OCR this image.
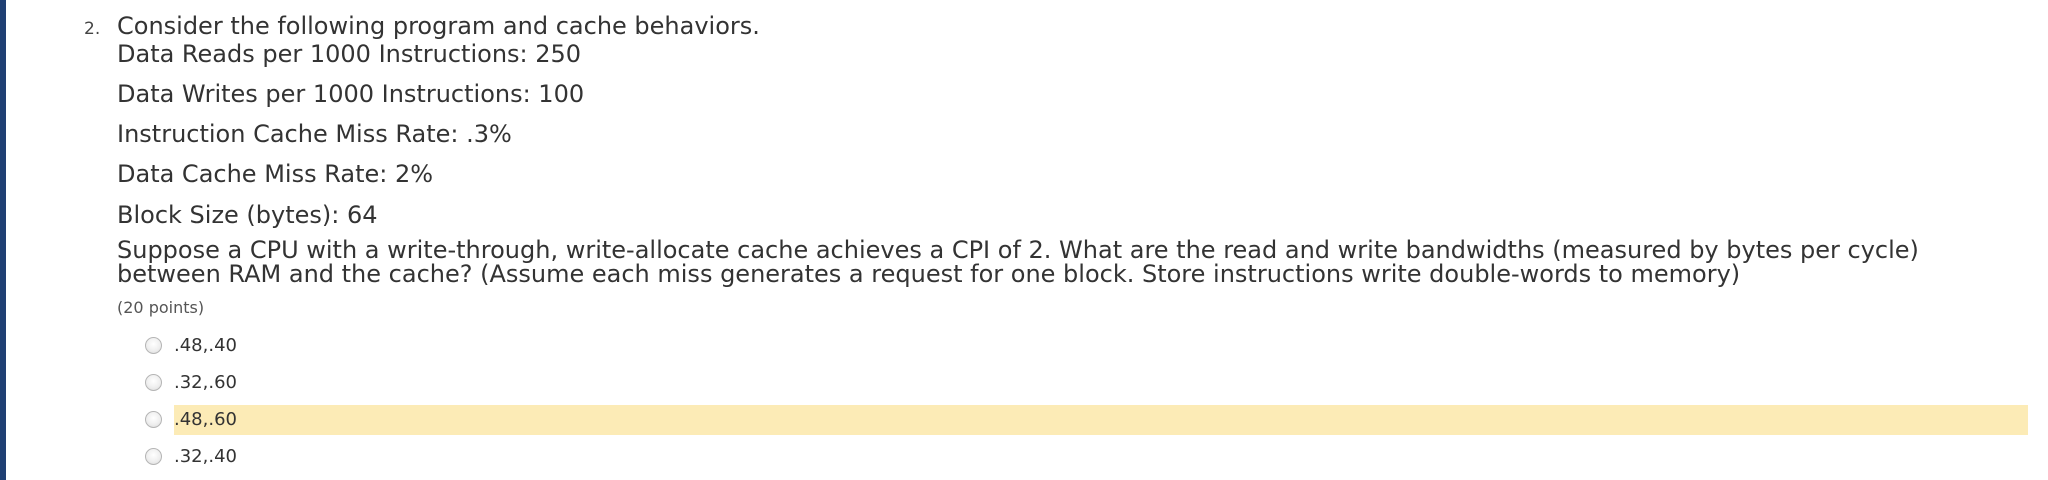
2. Consider the following program and cache behaviors.
Data Reads per 1000 Instructions: 250
Data Writes per 1000 Instructions: 100
Instruction Cache Miss Rate: .3%
Data Cache Miss Rate: 2%
Block Size (bytes): 64
Suppose a CPU with a write-through, write-allocate cache achieves a CPI of 2. What are the read and write bandwidths (measured by bytes per cycle) between RAM and the cache? (Assume each miss generates a request for one block. Store instructions write double-words to memory)
(20 points)
.48,.40
.32,.60
.48,.60
.32,.40
